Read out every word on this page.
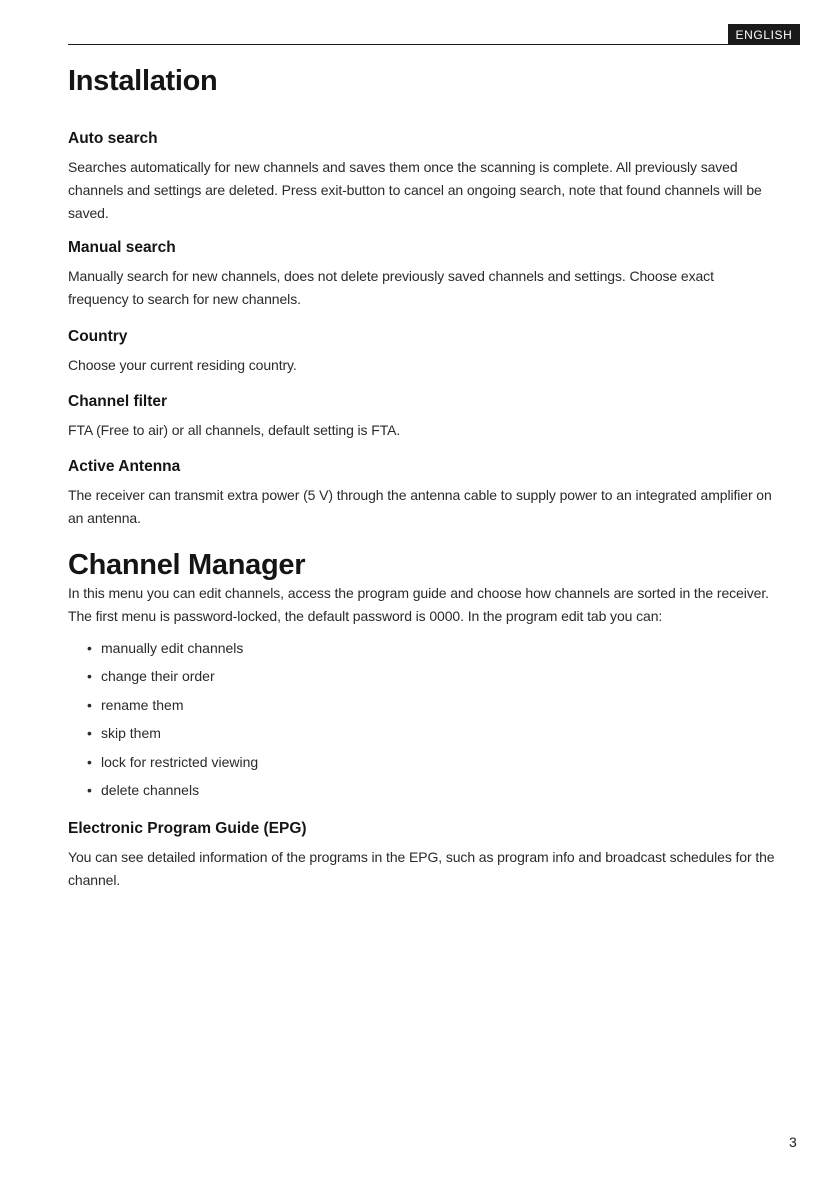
ENGLISH
Installation
Auto search

Searches automatically for new channels and saves them once the scanning is complete. All previously saved channels and settings are deleted. Press exit-button to cancel an ongoing search, note that found channels will be saved.

Manual search

Manually search for new channels, does not delete previously saved channels and settings. Choose exact frequency to search for new channels.

Country

Choose your current residing country.

Channel filter

FTA (Free to air) or all channels, default setting is FTA.

Active Antenna

The receiver can transmit extra power (5 V) through the antenna cable to supply power to an integrated amplifier on an antenna.

Channel Manager

In this menu you can edit channels, access the program guide and choose how channels are sorted in the receiver. The first menu is password-locked, the default password is 0000. In the program edit tab you can:

• manually edit channels
• change their order
• rename them
• skip them
• lock for restricted viewing
• delete channels
Electronic Program Guide (EPG)

You can see detailed information of the programs in the EPG, such as program info and broadcast schedules for the channel.

3
